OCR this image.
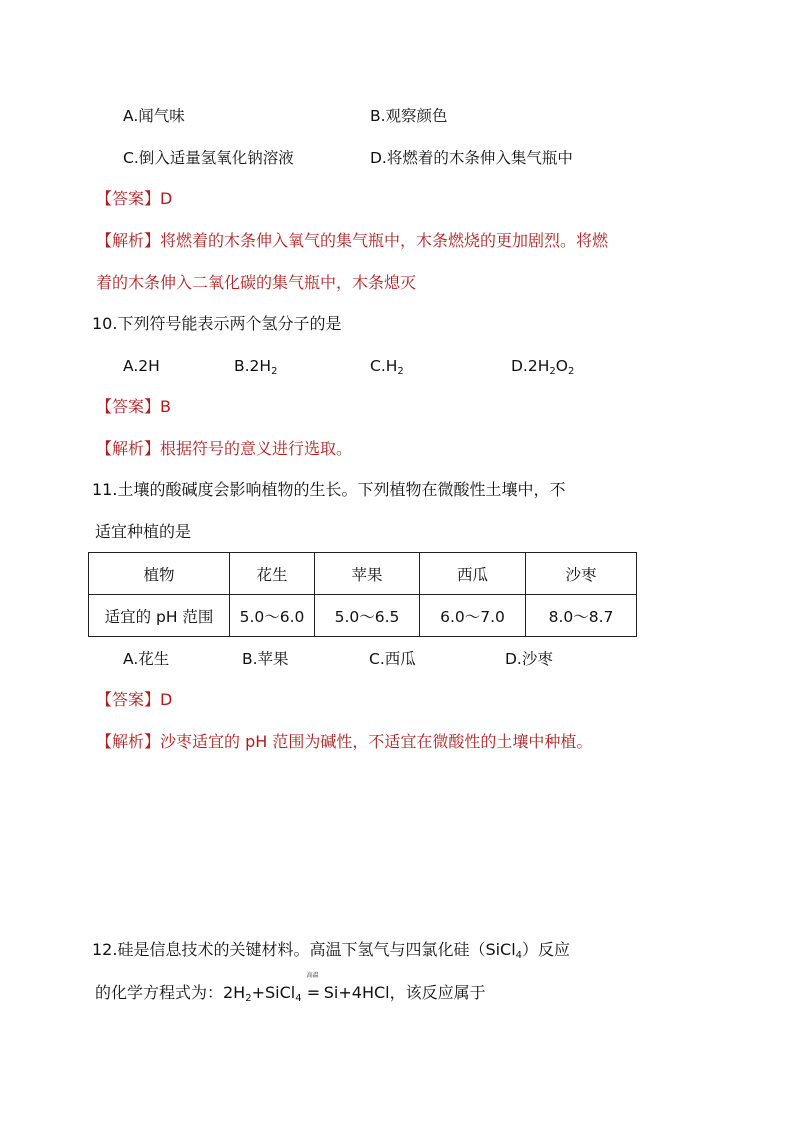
A.闻气味	B.观察颜色
C.倒入适量氢氧化钠溶液	D.将燃着的木条伸入集气瓶中
【答案】D
【解析】将燃着的木条伸入氧气的集气瓶中，木条燃烧的更加剧烈。将燃
着的木条伸入二氧化碳的集气瓶中，木条熄灭
10.下列符号能表示两个氢分子的是
A.2H	$B.2H_2$	$C.H_2$	$D.2H_2O_2$
【答案】B
【解析】根据符号的意义进行选取。
11.土壤的酸碱度会影响植物的生长。下列植物在微酸性土壤中，不
适宜种植的是
植物	花生	苹果	西瓜	沙枣
适宜的 pH 范围	5.0～6.0	5.0～6.5	6.0～7.0	8.0～8.7
A.花生	B.苹果	C.西瓜	D.沙枣
【答案】D
【解析】沙枣适宜的 pH 范围为碱性，不适宜在微酸性的土壤中种植。
12.硅是信息技术的关键材料。高温下氢气与四氯化硅（SiCl$_4$）反应
的化学方程式为：$2H_2+SiCl_4$
高温
= Si+4HCl，该反应属于
